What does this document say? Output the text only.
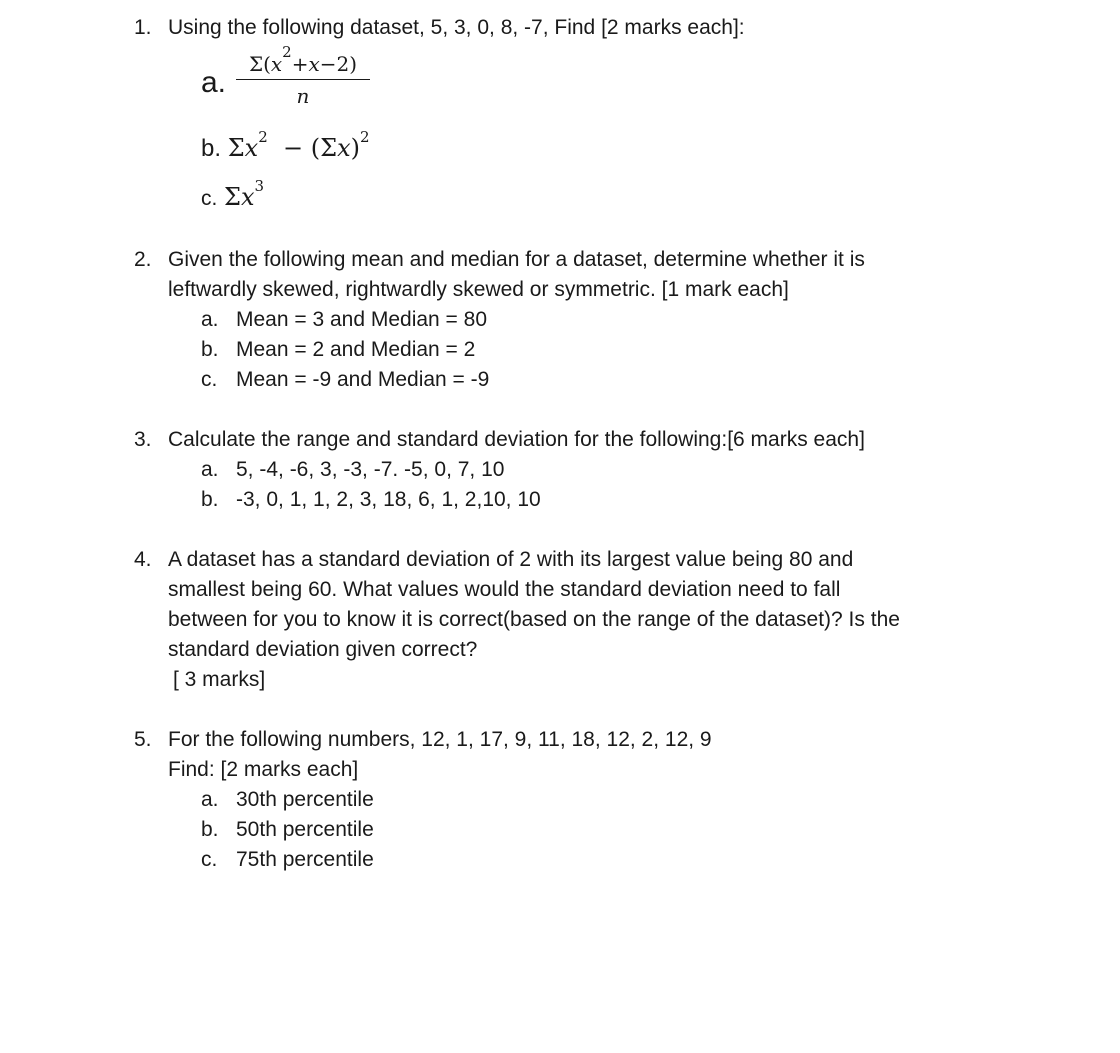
1. Using the following dataset, 5, 3, 0, 8, -7, Find [2 marks each]:
a. $\frac{\Sigma(x^2+x-2)}{n}$
b. $\Sigma x^2 - (\Sigma x)^2$
c. $\Sigma x^3$
2. Given the following mean and median for a dataset, determine whether it is
leftwardly skewed, rightwardly skewed or symmetric. [1 mark each]
a. Mean = 3 and Median = 80
b. Mean = 2 and Median = 2
c. Mean = -9 and Median = -9
3. Calculate the range and standard deviation for the following:[6 marks each]
a. 5, -4, -6, 3, -3, -7. -5, 0, 7, 10
b. -3, 0, 1, 1, 2, 3, 18, 6, 1, 2,10, 10
4. A dataset has a standard deviation of 2 with its largest value being 80 and
smallest being 60. What values would the standard deviation need to fall
between for you to know it is correct(based on the range of the dataset)? Is the
standard deviation given correct?
[ 3 marks]
5. For the following numbers, 12, 1, 17, 9, 11, 18, 12, 2, 12, 9
Find: [2 marks each]
a. 30th percentile
b. 50th percentile
c. 75th percentile
